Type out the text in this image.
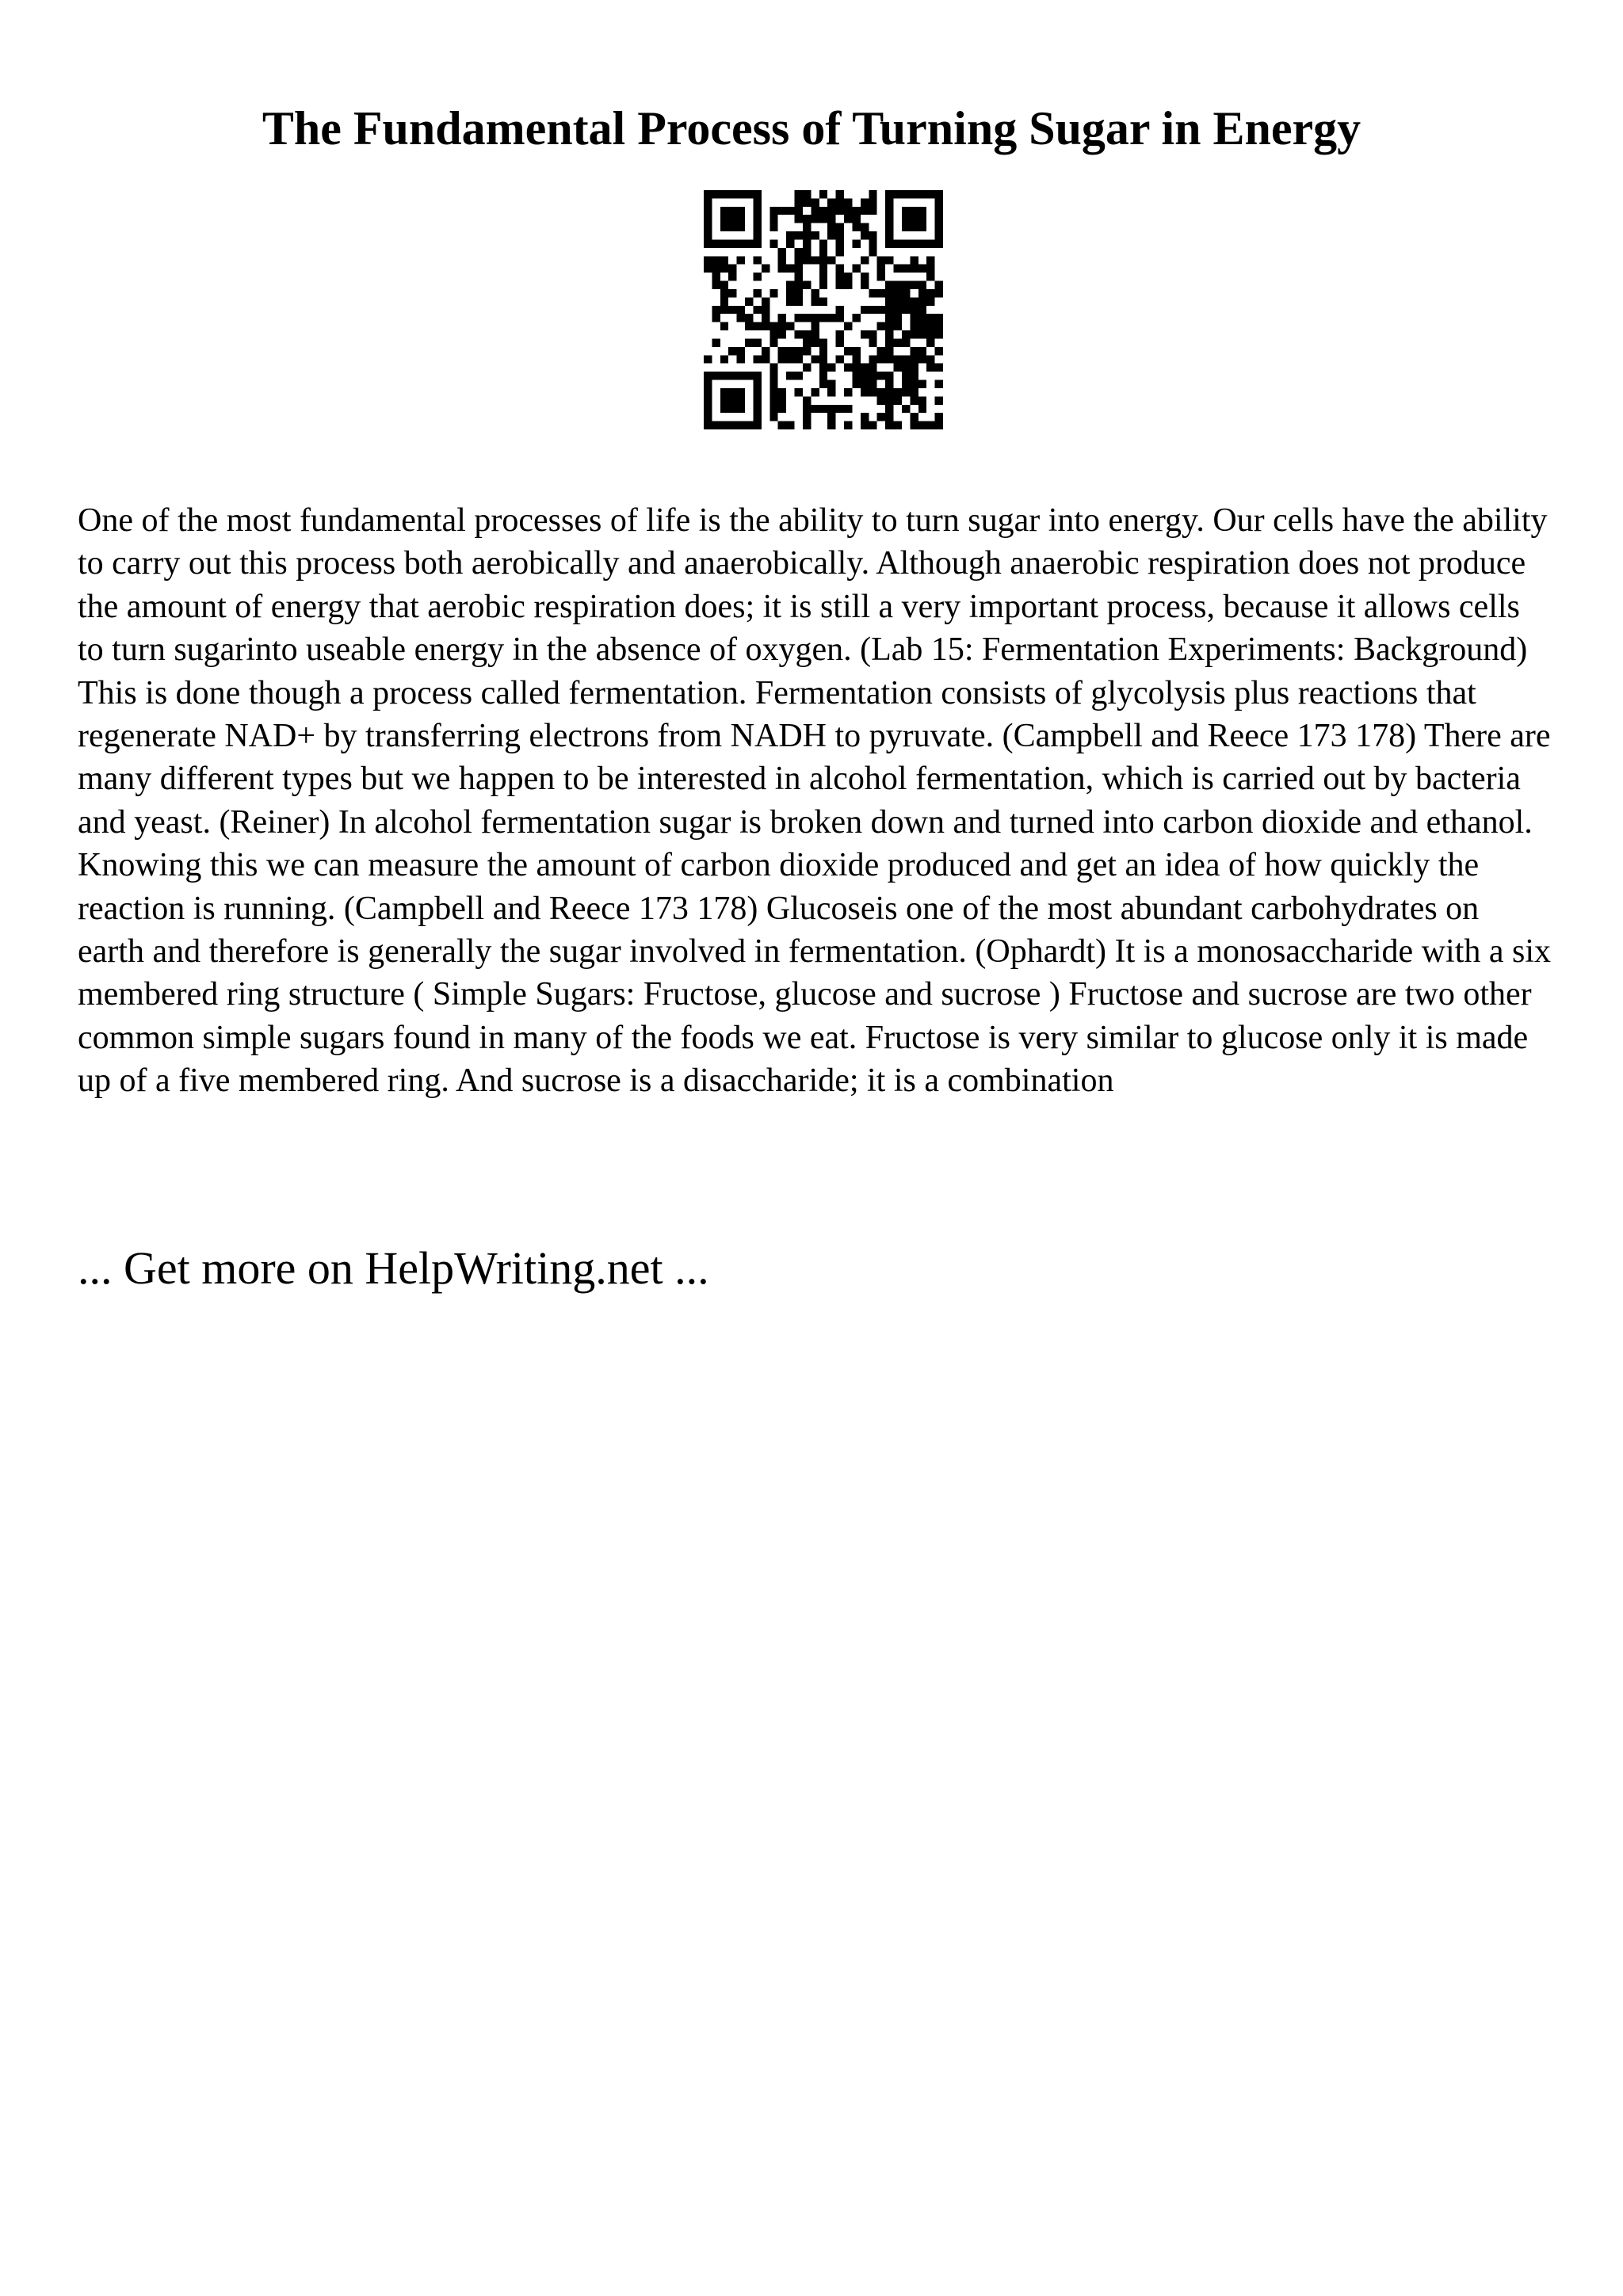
The Fundamental Process of Turning Sugar in Energy

One of the most fundamental processes of life is the ability to turn sugar into energy. Our cells have the ability to carry out this process both aerobically and anaerobically. Although anaerobic respiration does not produce the amount of energy that aerobic respiration does; it is still a very important process, because it allows cells to turn sugarinto useable energy in the absence of oxygen. (Lab 15: Fermentation Experiments: Background) This is done though a process called fermentation. Fermentation consists of glycolysis plus reactions that regenerate NAD+ by transferring electrons from NADH to pyruvate. (Campbell and Reece 173 178) There are many different types but we happen to be interested in alcohol fermentation, which is carried out by bacteria and yeast. (Reiner) In alcohol fermentation sugar is broken down and turned into carbon dioxide and ethanol. Knowing this we can measure the amount of carbon dioxide produced and get an idea of how quickly the reaction is running. (Campbell and Reece 173 178) Glucoseis one of the most abundant carbohydrates on earth and therefore is generally the sugar involved in fermentation. (Ophardt) It is a monosaccharide with a six membered ring structure ( Simple Sugars: Fructose, glucose and sucrose ) Fructose and sucrose are two other common simple sugars found in many of the foods we eat. Fructose is very similar to glucose only it is made up of a five membered ring. And sucrose is a disaccharide; it is a combination

... Get more on HelpWriting.net ...
